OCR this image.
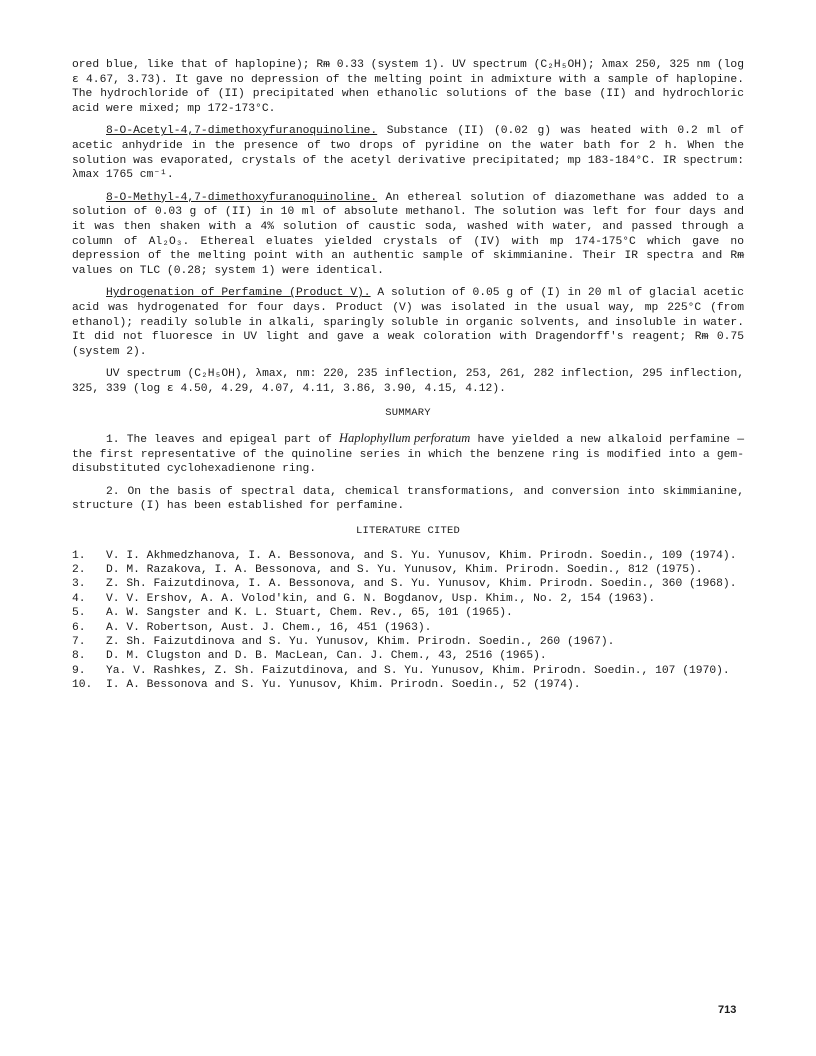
ored blue, like that of haplopine); Rᵯ 0.33 (system 1). UV spectrum (C₂H₅OH); λmax 250, 325 nm (log ε 4.67, 3.73). It gave no depression of the melting point in admixture with a sample of haplopine. The hydrochloride of (II) precipitated when ethanolic solutions of the base (II) and hydrochloric acid were mixed; mp 172-173°C.

8-O-Acetyl-4,7-dimethoxyfuranoquinoline. Substance (II) (0.02 g) was heated with 0.2 ml of acetic anhydride in the presence of two drops of pyridine on the water bath for 2 h. When the solution was evaporated, crystals of the acetyl derivative precipitated; mp 183-184°C. IR spectrum: λmax 1765 cm⁻¹.

8-O-Methyl-4,7-dimethoxyfuranoquinoline. An ethereal solution of diazomethane was added to a solution of 0.03 g of (II) in 10 ml of absolute methanol. The solution was left for four days and it was then shaken with a 4% solution of caustic soda, washed with water, and passed through a column of Al₂O₃. Ethereal eluates yielded crystals of (IV) with mp 174-175°C which gave no depression of the melting point with an authentic sample of skimmianine. Their IR spectra and Rᵯ values on TLC (0.28; system 1) were identical.

Hydrogenation of Perfamine (Product V). A solution of 0.05 g of (I) in 20 ml of glacial acetic acid was hydrogenated for four days. Product (V) was isolated in the usual way, mp 225°C (from ethanol); readily soluble in alkali, sparingly soluble in organic solvents, and insoluble in water. It did not fluoresce in UV light and gave a weak coloration with Dragendorff's reagent; Rᵯ 0.75 (system 2).

UV spectrum (C₂H₅OH), λmax, nm: 220, 235 inflection, 253, 261, 282 inflection, 295 inflection, 325, 339 (log ε 4.50, 4.29, 4.07, 4.11, 3.86, 3.90, 4.15, 4.12).

SUMMARY

1. The leaves and epigeal part of Haplophyllum perforatum have yielded a new alkaloid perfamine — the first representative of the quinoline series in which the benzene ring is modified into a gem-disubstituted cyclohexadienone ring.

2. On the basis of spectral data, chemical transformations, and conversion into skimmianine, structure (I) has been established for perfamine.

LITERATURE CITED
1.	V. I. Akhmedzhanova, I. A. Bessonova, and S. Yu. Yunusov, Khim. Prirodn. Soedin., 109 (1974).
2.	D. M. Razakova, I. A. Bessonova, and S. Yu. Yunusov, Khim. Prirodn. Soedin., 812 (1975).
3.	Z. Sh. Faizutdinova, I. A. Bessonova, and S. Yu. Yunusov, Khim. Prirodn. Soedin., 360 (1968).
4.	V. V. Ershov, A. A. Volod'kin, and G. N. Bogdanov, Usp. Khim., No. 2, 154 (1963).
5.	A. W. Sangster and K. L. Stuart, Chem. Rev., 65, 101 (1965).
6.	A. V. Robertson, Aust. J. Chem., 16, 451 (1963).
7.	Z. Sh. Faizutdinova and S. Yu. Yunusov, Khim. Prirodn. Soedin., 260 (1967).
8.	D. M. Clugston and D. B. MacLean, Can. J. Chem., 43, 2516 (1965).
9.	Ya. V. Rashkes, Z. Sh. Faizutdinova, and S. Yu. Yunusov, Khim. Prirodn. Soedin., 107 (1970).
10.	I. A. Bessonova and S. Yu. Yunusov, Khim. Prirodn. Soedin., 52 (1974).
713
